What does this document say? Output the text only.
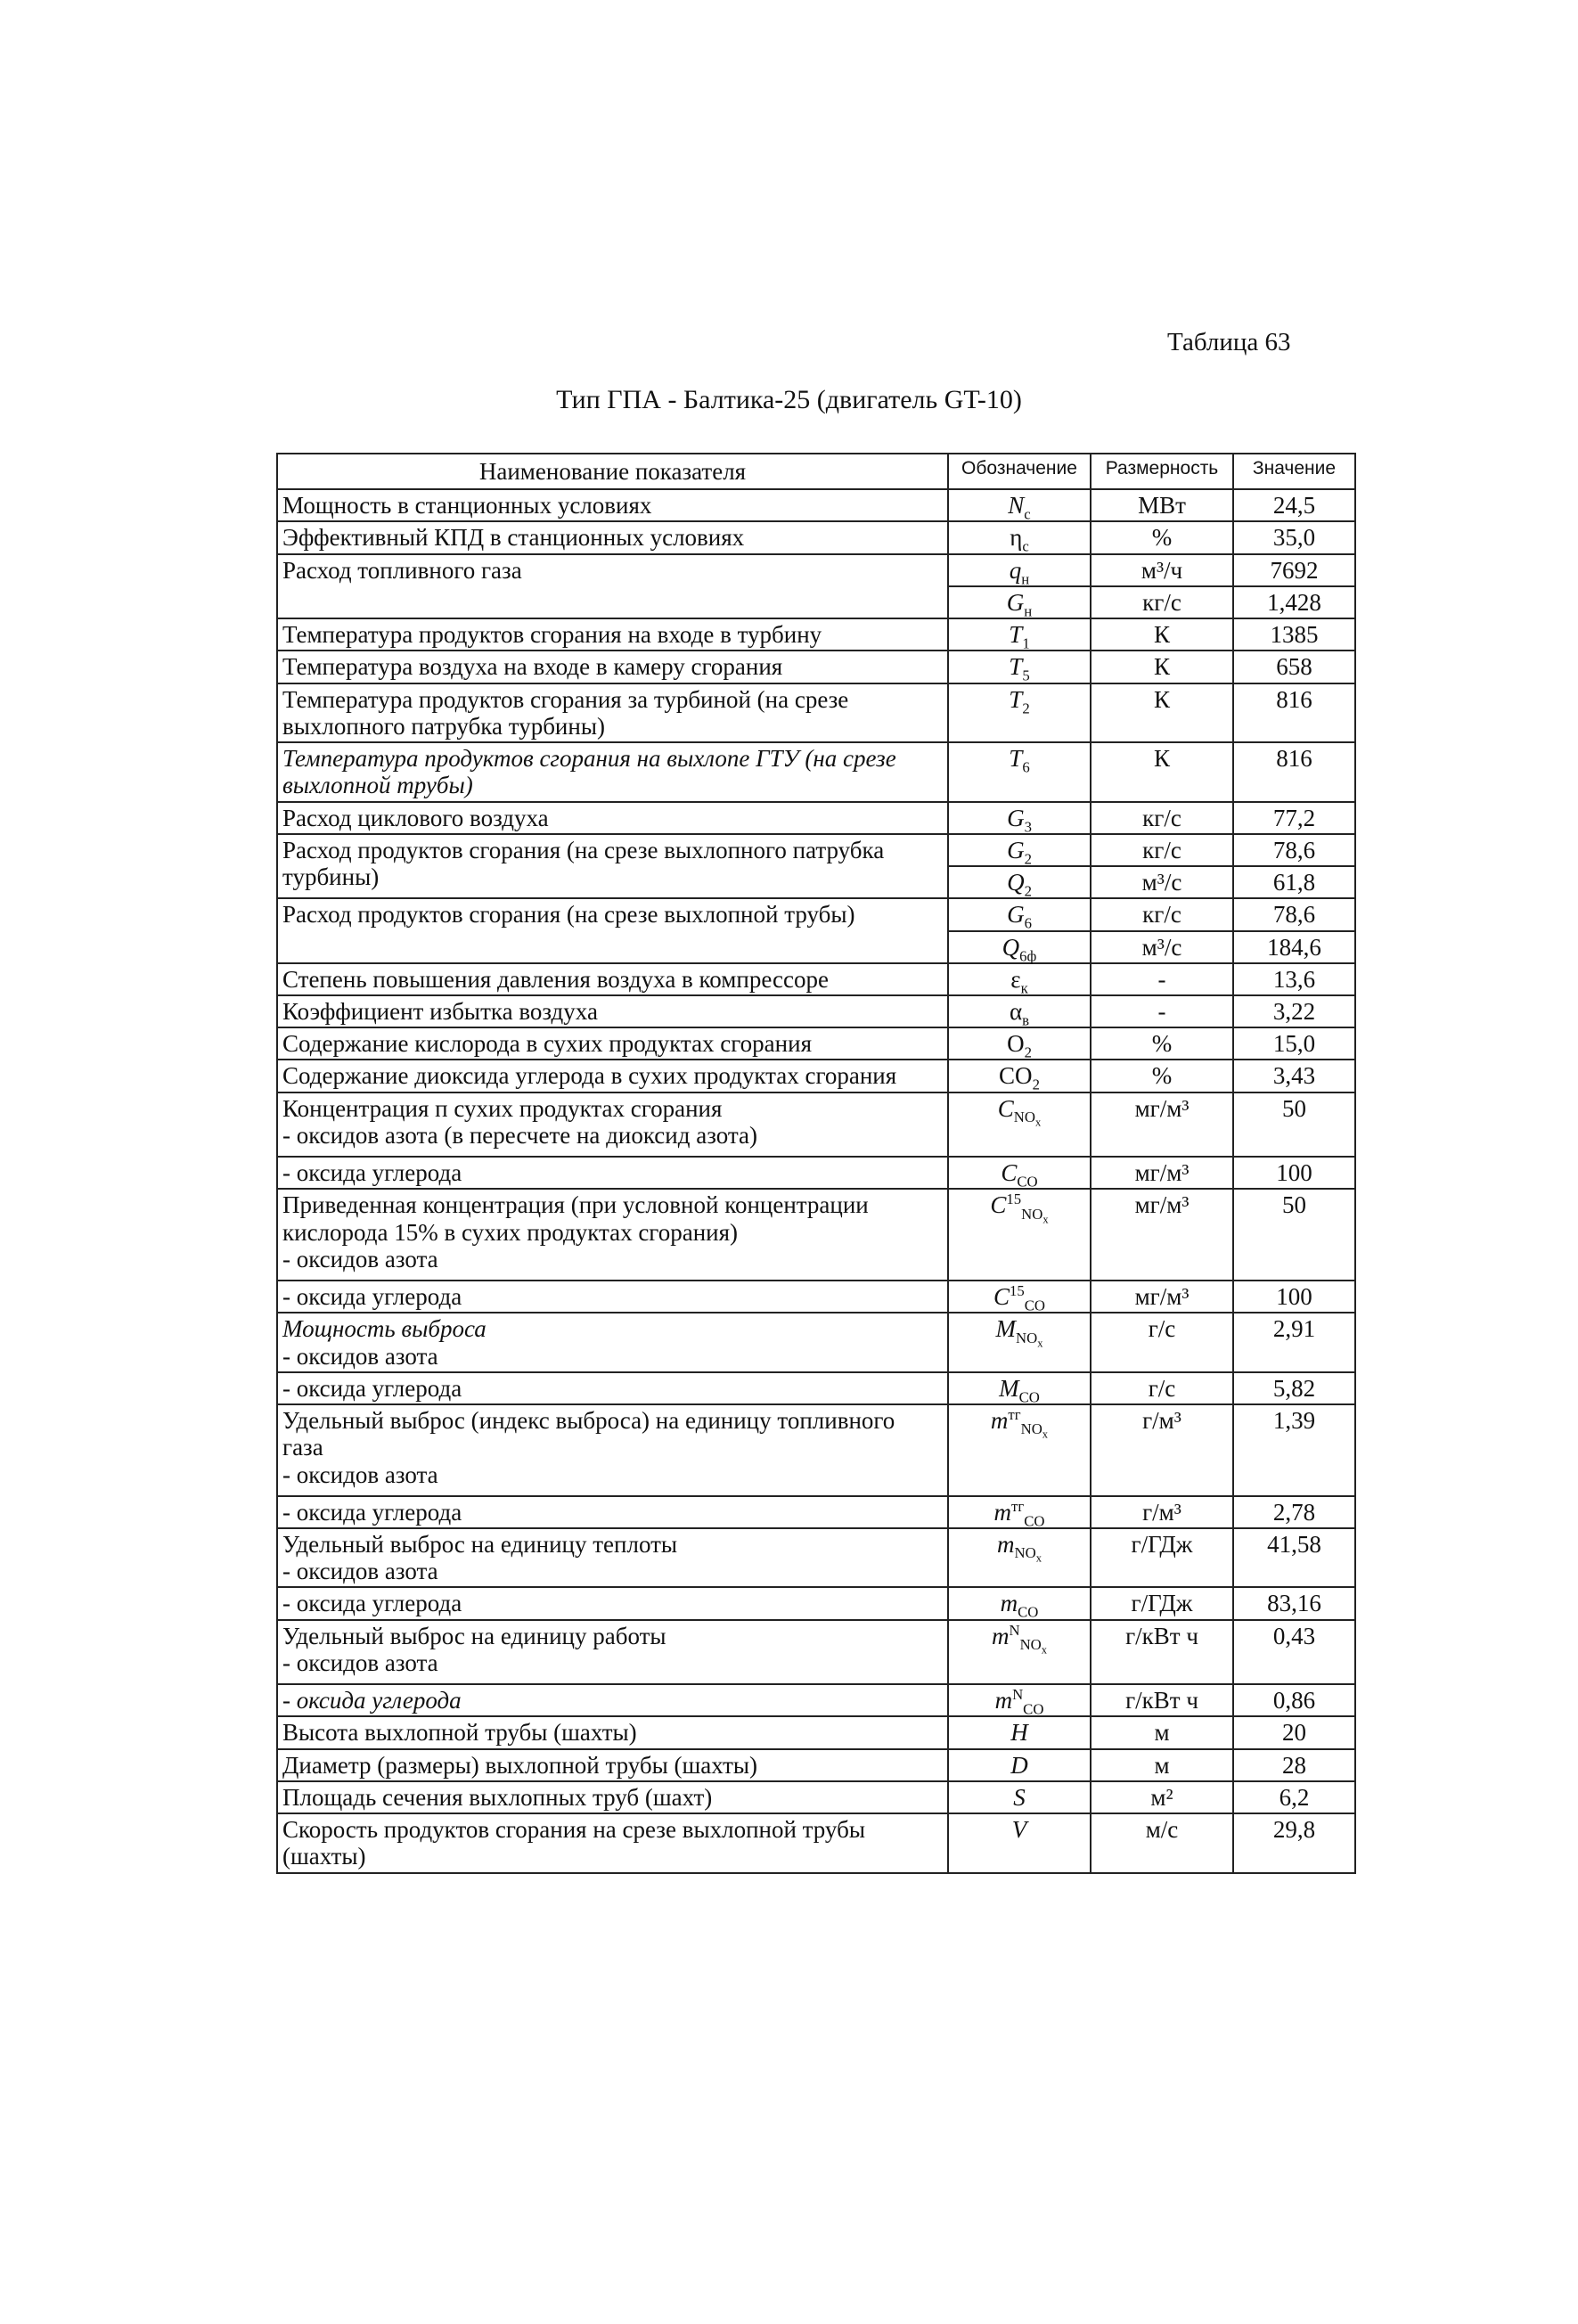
Таблица 63
Тип ГПА - Балтика-25 (двигатель GT-10)
Наименование показателя	Обозначение	Размерность	Значение
Мощность в станционных условиях	$N_с$	МВт	24,5
Эффективный КПД в станционных условиях	$\eta_с$	%	35,0
Расход топливного газа	$q_н$	м³/ч	7692
	$G_н$	кг/с	1,428
Температура продуктов сгорания на входе в турбину	$T_1$	К	1385
Температура воздуха на входе в камеру сгорания	$T_5$	К	658

Температура продуктов сгорания за турбиной (на срезе
выхлопного патрубка турбины)	$T_2$	К	816

Температура продуктов сгорания на выхлопе ГТУ (на срезе
выхлопной трубы)	$T_6$	К	816
Расход циклового воздуха	$G_3$	кг/с	77,2

Расход продуктов сгорания (на срезе выхлопного патрубка
турбины)	$G_2$	кг/с	78,6
	$Q_2$	м³/с	61,8
Расход продуктов сгорания (на срезе выхлопной трубы)	$G_6$	кг/с	78,6
	$Q_{6ф}$	м³/с	184,6
Степень повышения давления воздуха в компрессоре	$\varepsilon_к$	-	13,6
Коэффициент избытка воздуха	$\alpha_в$	-	3,22
Содержание кислорода в сухих продуктах сгорания	$O_2$	%	15,0
Содержание диоксида углерода в сухих продуктах сгорания	$CO_2$	%	3,43

Концентрация п сухих продуктах сгорания
- оксидов азота (в пересчете на диоксид азота)	$C_{NO_x}$	мг/м³	50
- оксида углерода	$C_{CO}$	мг/м³	100

Приведенная концентрация (при условной концентрации
кислорода 15% в сухих продуктах сгорания)
- оксидов азота	$C^{15}_{NO_x}$	мг/м³	50
- оксида углерода	$C^{15}_{CO}$	мг/м³	100

Мощность выброса
- оксидов азота	$M_{NO_x}$	г/с	2,91
- оксида углерода	$M_{CO}$	г/с	5,82

Удельный выброс (индекс выброса) на единицу топливного
газа
- оксидов азота	$m^{тг}_{NO_x}$	г/м³	1,39
- оксида углерода	$m^{тг}_{CO}$	г/м³	2,78

Удельный выброс на единицу теплоты
- оксидов азота	$m_{NO_x}$	г/ГДж	41,58
- оксида углерода	$m_{CO}$	г/ГДж	83,16

Удельный выброс на единицу работы
- оксидов азота	$m^N_{NO_x}$	г/кВт ч	0,43
- оксида углерода	$m^N_{CO}$	г/кВт ч	0,86
Высота выхлопной трубы (шахты)	H	м	20
Диаметр (размеры) выхлопной трубы (шахты)	D	м	28
Площадь сечения выхлопных труб (шахт)	S	м²	6,2

Скорость продуктов сгорания на срезе выхлопной трубы
(шахты)	V	м/с	29,8
